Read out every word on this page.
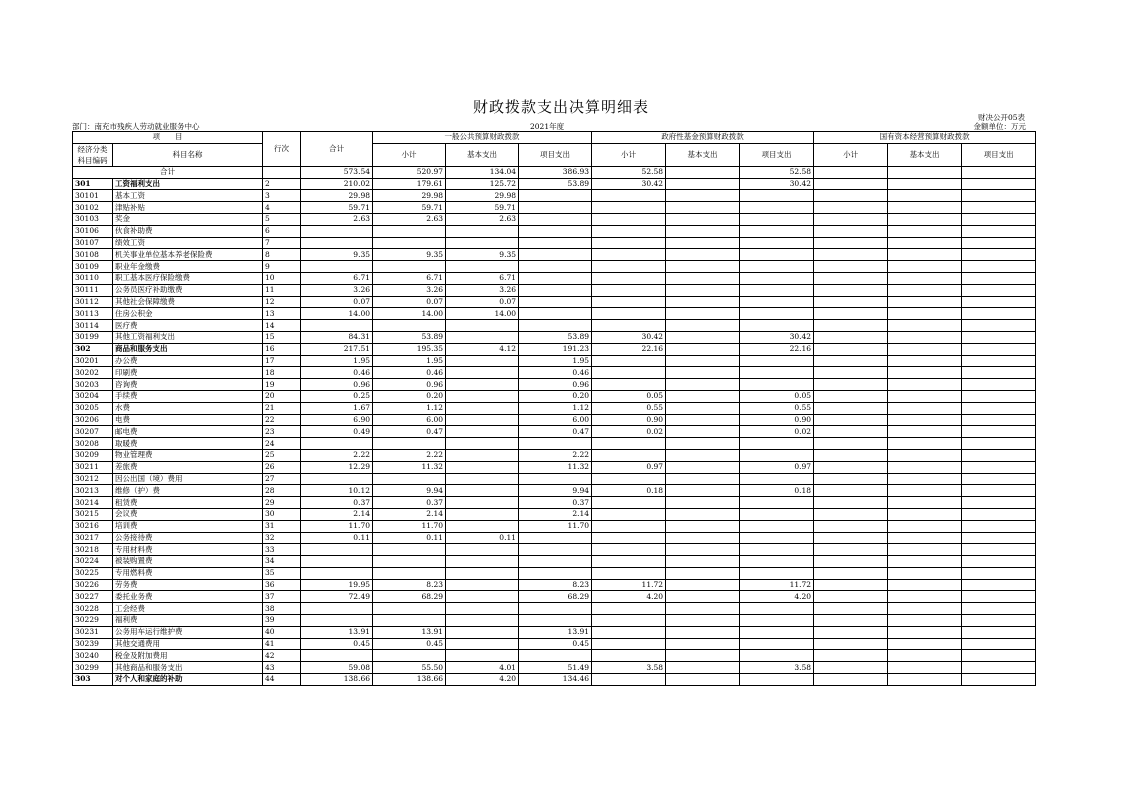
财政拨款支出决算明细表
财决公开05表
部门：南充市残疾人劳动就业服务中心	2021年度	金额单位：万元
项　　目		行次	合计	一般公共预算财政拨款			政府性基金预算财政拨款			国有资本经营预算财政拨款		
经济分类科目编码	科目名称			小计	基本支出	项目支出	小计	基本支出	项目支出	小计	基本支出	项目支出
合计			573.54	520.97	134.04	386.93	52.58		52.58			
301	工资福利支出	2	210.02	179.61	125.72	53.89	30.42		30.42			
30101	基本工资	3	29.98	29.98	29.98							
30102	津贴补贴	4	59.71	59.71	59.71							
30103	奖金	5	2.63	2.63	2.63							
30106	伙食补助费	6										
30107	绩效工资	7										
30108	机关事业单位基本养老保险费	8	9.35	9.35	9.35							
30109	职业年金缴费	9										
30110	职工基本医疗保险缴费	10	6.71	6.71	6.71							
30111	公务员医疗补助缴费	11	3.26	3.26	3.26							
30112	其他社会保障缴费	12	0.07	0.07	0.07							
30113	住房公积金	13	14.00	14.00	14.00							
30114	医疗费	14										
30199	其他工资福利支出	15	84.31	53.89		53.89	30.42		30.42			
302	商品和服务支出	16	217.51	195.35	4.12	191.23	22.16		22.16			
30201	办公费	17	1.95	1.95		1.95						
30202	印刷费	18	0.46	0.46		0.46						
30203	咨询费	19	0.96	0.96		0.96						
30204	手续费	20	0.25	0.20		0.20	0.05		0.05			
30205	水费	21	1.67	1.12		1.12	0.55		0.55			
30206	电费	22	6.90	6.00		6.00	0.90		0.90			
30207	邮电费	23	0.49	0.47		0.47	0.02		0.02			
30208	取暖费	24										
30209	物业管理费	25	2.22	2.22		2.22						
30211	差旅费	26	12.29	11.32		11.32	0.97		0.97			
30212	因公出国（境）费用	27										
30213	维修（护）费	28	10.12	9.94		9.94	0.18		0.18			
30214	租赁费	29	0.37	0.37		0.37						
30215	会议费	30	2.14	2.14		2.14						
30216	培训费	31	11.70	11.70		11.70						
30217	公务接待费	32	0.11	0.11	0.11							
30218	专用材料费	33										
30224	被装购置费	34										
30225	专用燃料费	35										
30226	劳务费	36	19.95	8.23		8.23	11.72		11.72			
30227	委托业务费	37	72.49	68.29		68.29	4.20		4.20			
30228	工会经费	38										
30229	福利费	39										
30231	公务用车运行维护费	40	13.91	13.91		13.91						
30239	其他交通费用	41	0.45	0.45		0.45						
30240	税金及附加费用	42										
30299	其他商品和服务支出	43	59.08	55.50	4.01	51.49	3.58		3.58			
303	对个人和家庭的补助	44	138.66	138.66	4.20	134.46						
